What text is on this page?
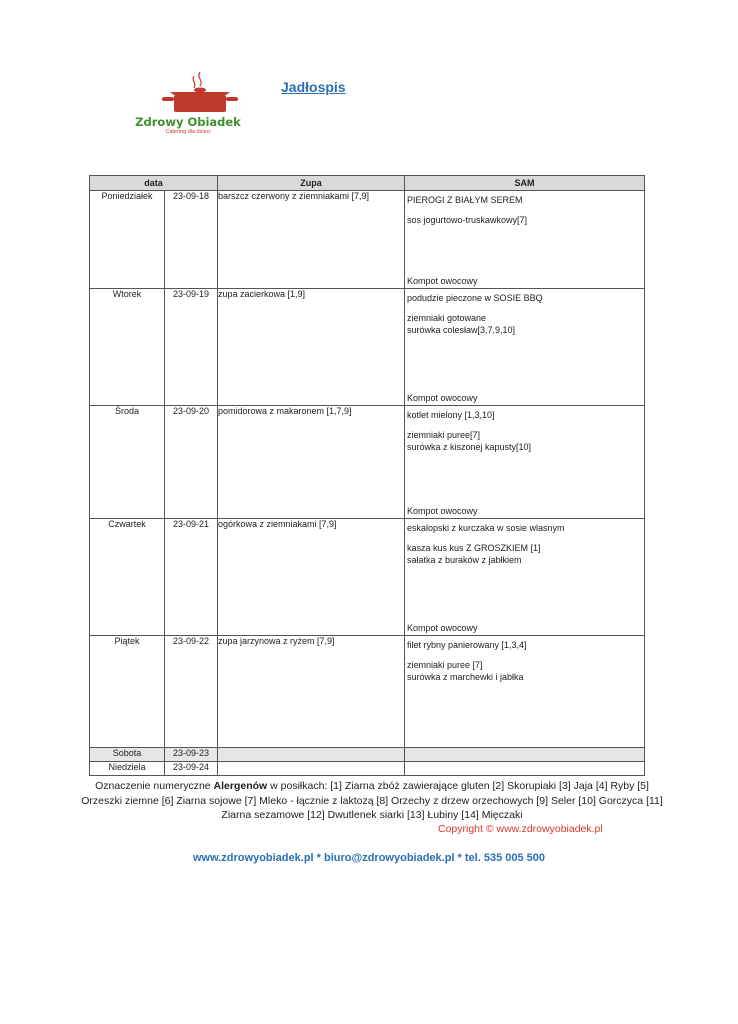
Zdrowy Obiadek
Catering dla dzieci
Jadłospis
data		Zupa	SAM
Poniedziałek	23-09-18	barszcz czerwony z ziemniakami [7,9]	PIEROGI Z BIAŁYM SEREM
sos jogurtowo-truskawkowy[7]
Kompot owocowy

Wtorek	23-09-19	zupa zacierkowa [1,9]	podudzie pieczone w SOSIE BBQ
ziemniaki gotowane
surówka colesław[3,7,9,10]
Kompot owocowy

Środa	23-09-20	pomidorowa z makaronem [1,7,9]	kotlet mielony [1,3,10]
ziemniaki puree[7]
surówka z kiszonej kapusty[10]
Kompot owocowy

Czwartek	23-09-21	ogórkowa z ziemniakami [7,9]	eskalopski z kurczaka w sosie wlasnym
kasza kus kus Z GROSZKIEM [1]
sałatka z buraków z jabłkiem
Kompot owocowy

Piątek	23-09-22	zupa jarzynowa z ryżem [7,9]	filet rybny panierowany [1,3,4]
ziemniaki puree [7]
surówka z marchewki i jabłka

Sobota	23-09-23		
Niedziela	23-09-24		
Oznaczenie numeryczne Alergenów w posiłkach: [1] Ziarna zbóż zawierające gluten [2] Skorupiaki [3] Jaja [4] Ryby [5] Orzeszki ziemne [6] Ziarna sojowe [7] Mleko - łącznie z laktozą [8] Orzechy z drzew orzechowych [9] Seler [10] Gorczyca [11] Ziarna sezamowe [12] Dwutlenek siarki [13] Łubiny [14] Mięczaki
Copyright © www.zdrowyobiadek.pl
www.zdrowyobiadek.pl * biuro@zdrowyobiadek.pl * tel. 535 005 500
